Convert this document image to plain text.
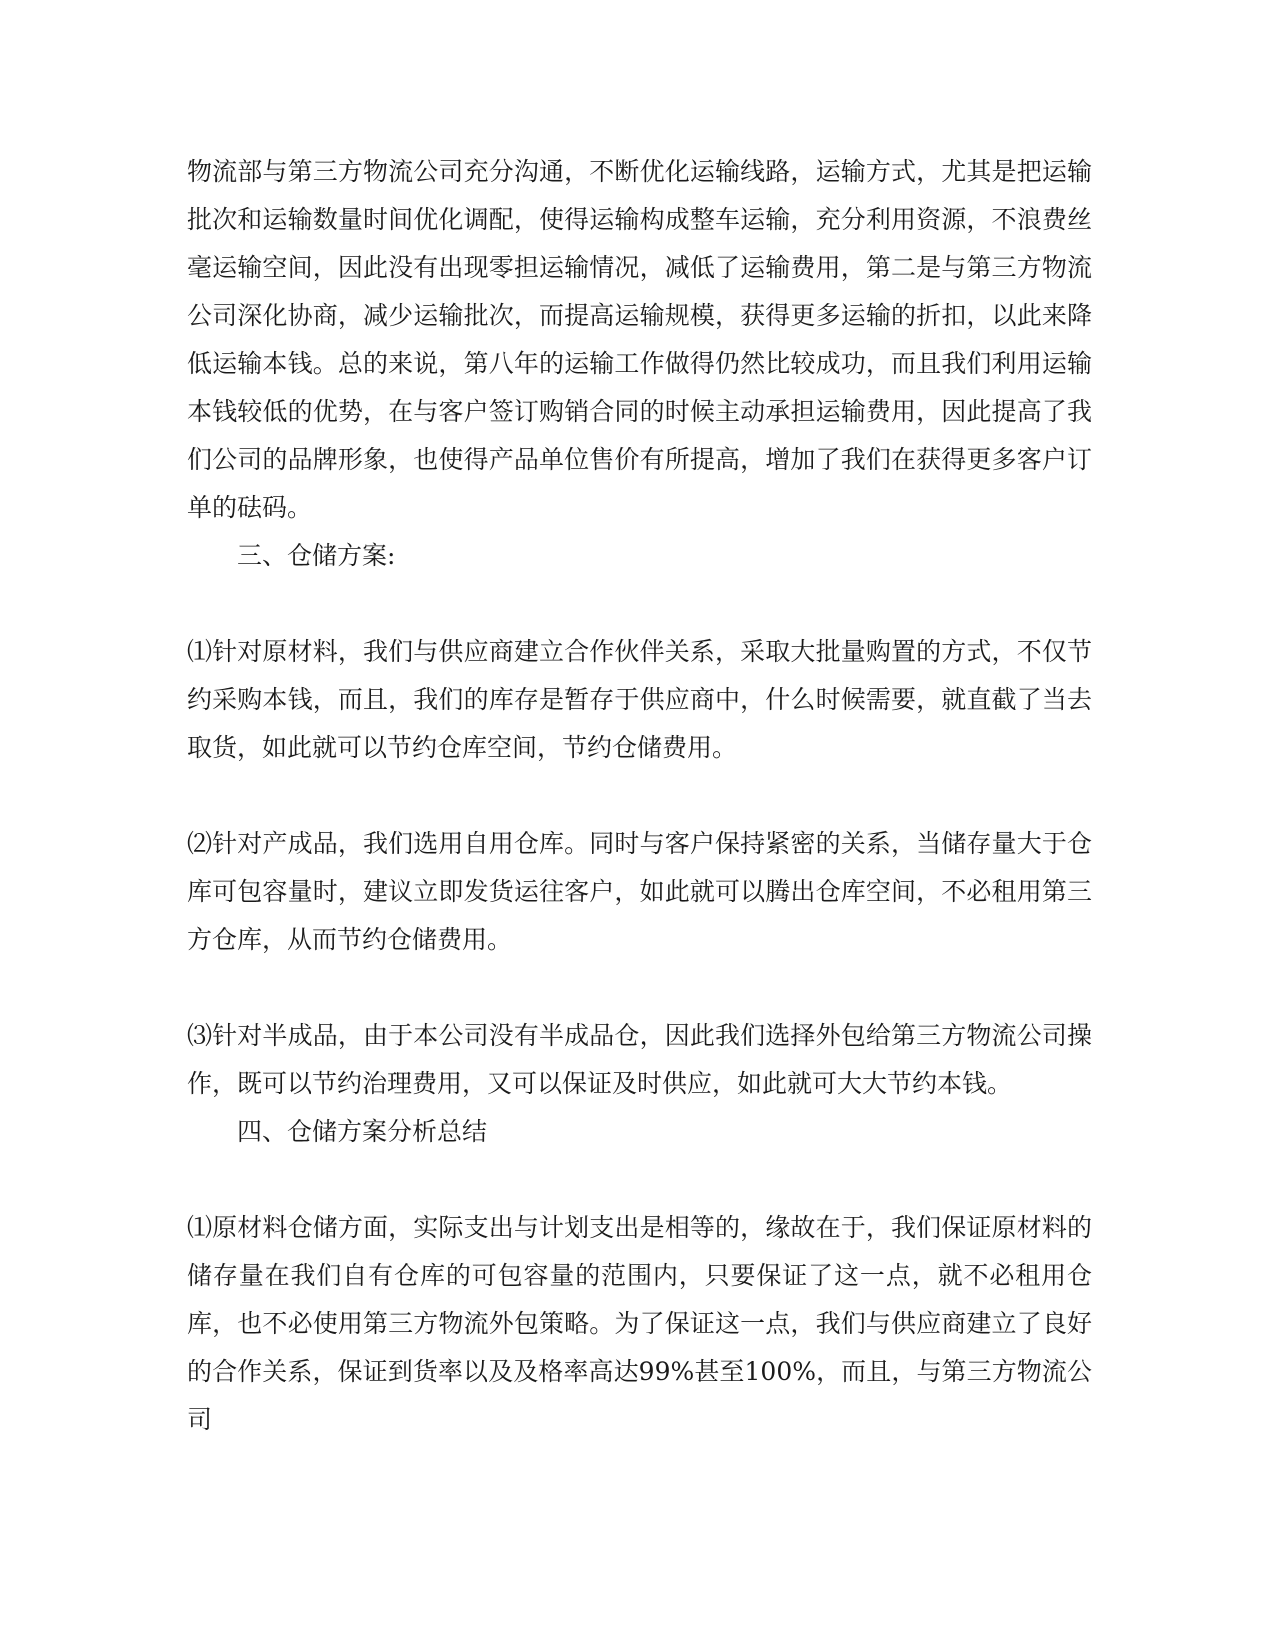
物流部与第三方物流公司充分沟通，不断优化运输线路，运输方式，尤其是把运输批次和运输数量时间优化调配，使得运输构成整车运输，充分利用资源，不浪费丝毫运输空间，因此没有出现零担运输情况，减低了运输费用，第二是与第三方物流公司深化协商，减少运输批次，而提高运输规模，获得更多运输的折扣，以此来降低运输本钱。总的来说，第八年的运输工作做得仍然比较成功，而且我们利用运输本钱较低的优势，在与客户签订购销合同的时候主动承担运输费用，因此提高了我们公司的品牌形象，也使得产品单位售价有所提高，增加了我们在获得更多客户订单的砝码。

三、仓储方案:

⑴针对原材料，我们与供应商建立合作伙伴关系，采取大批量购置的方式，不仅节约采购本钱，而且，我们的库存是暂存于供应商中，什么时候需要，就直截了当去取货，如此就可以节约仓库空间，节约仓储费用。

⑵针对产成品，我们选用自用仓库。同时与客户保持紧密的关系，当储存量大于仓库可包容量时，建议立即发货运往客户，如此就可以腾出仓库空间，不必租用第三方仓库，从而节约仓储费用。

⑶针对半成品，由于本公司没有半成品仓，因此我们选择外包给第三方物流公司操作，既可以节约治理费用，又可以保证及时供应，如此就可大大节约本钱。

四、仓储方案分析总结

⑴原材料仓储方面，实际支出与计划支出是相等的，缘故在于，我们保证原材料的储存量在我们自有仓库的可包容量的范围内，只要保证了这一点，就不必租用仓库，也不必使用第三方物流外包策略。为了保证这一点，我们与供应商建立了良好的合作关系，保证到货率以及及格率高达99%甚至100%，而且，与第三方物流公司
